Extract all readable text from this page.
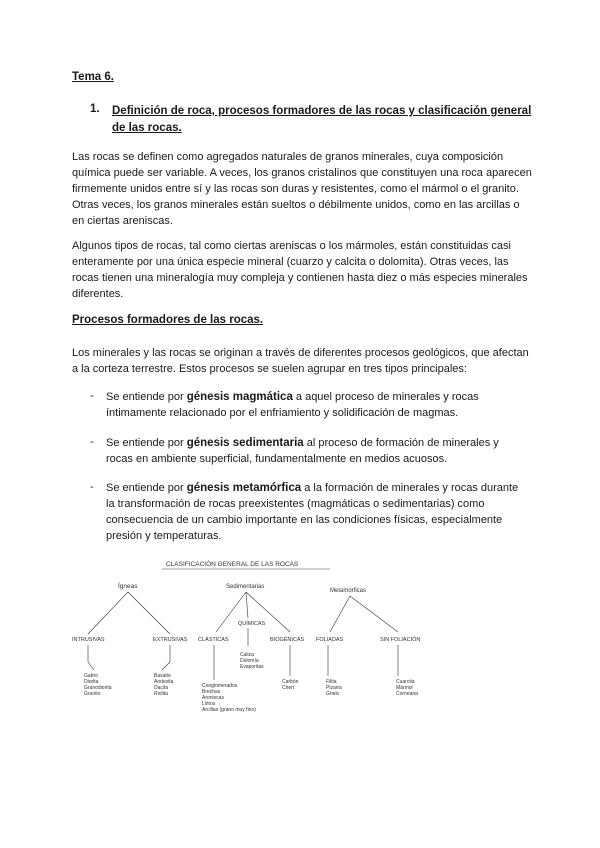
Tema 6.
1. Definición de roca, procesos formadores de las rocas y clasificación general de las rocas.
Las rocas se definen como agregados naturales de granos minerales, cuya composición química puede ser variable. A veces, los granos cristalinos que constituyen una roca aparecen firmemente unidos entre sí y las rocas son duras y resistentes, como el mármol o el granito. Otras veces, los granos minerales están sueltos o débilmente unidos, como en las arcillas o en ciertas areniscas.
Algunos tipos de rocas, tal como ciertas areniscas o los mármoles, están constituidas casi enteramente por una única especie mineral (cuarzo y calcita o dolomita). Otras veces, las rocas tienen una mineralogía muy compleja y contienen hasta diez o más especies minerales diferentes.
Procesos formadores de las rocas.
Los minerales y las rocas se originan a través de diferentes procesos geológicos, que afectan a la corteza terrestre. Estos procesos se suelen agrupar en tres tipos principales:
- Se entiende por génesis magmática a aquel proceso de minerales y rocas íntimamente relacionado por el enfriamiento y solidificación de magmas.
- Se entiende por génesis sedimentaria al proceso de formación de minerales y rocas en ambiente superficial, fundamentalmente en medios acuosos.
- Se entiende por génesis metamórfica a la formación de minerales y rocas durante la transformación de rocas preexistentes (magmáticas o sedimentarias) como consecuencia de un cambio importante en las condiciones físicas, especialmente presión y temperaturas.
CLASIFICACIÓN GENERAL DE LAS ROCAS
Ígneas	Sedimentarias
Metamórficas
INTRUSIVAS	EXTRUSIVAS
Gabro
Diorita
Granodiorita
Granito
Basalto
Andesita
Dacita
Riolita
QUÍMICAS
CLÁSTICAS	BIOGÉNICAS
Caliza
Dolomía
Evaporitas
Conglomerados
Brechas
Areniscas
Limos
Arcillas (grano muy fino)
Carbón
Chert
FOLIADAS	SIN FOLIACIÓN
Filita
Pizarra
Gneis
Cuarcita
Mármol
Corneana
